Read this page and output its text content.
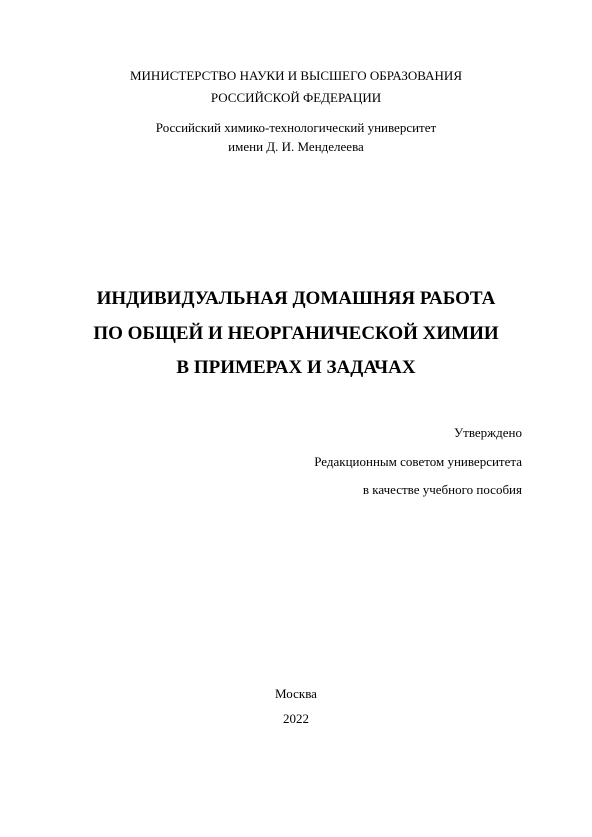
МИНИСТЕРСТВО НАУКИ И ВЫСШЕГО ОБРАЗОВАНИЯ
РОССИЙСКОЙ ФЕДЕРАЦИИ
Российский химико-технологический университет
имени Д. И. Менделеева
ИНДИВИДУАЛЬНАЯ ДОМАШНЯЯ РАБОТА
ПО ОБЩЕЙ И НЕОРГАНИЧЕСКОЙ ХИМИИ
В ПРИМЕРАХ И ЗАДАЧАХ
Утверждено
Редакционным советом университета
в качестве учебного пособия
Москва
2022
